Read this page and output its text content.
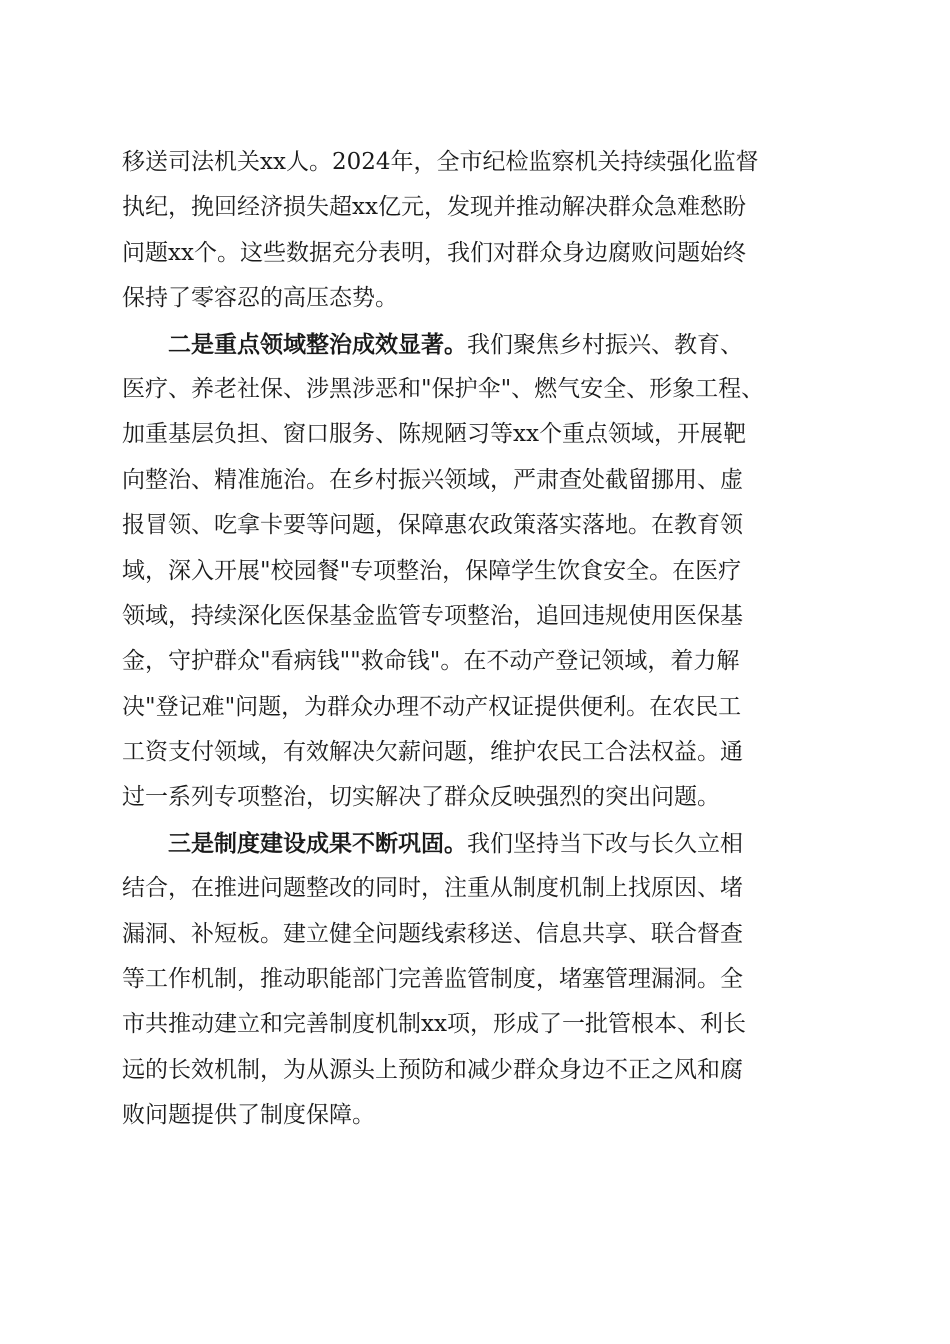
移送司法机关xx人。2024年，全市纪检监察机关持续强化监督
执纪，挽回经济损失超xx亿元，发现并推动解决群众急难愁盼
问题xx个。这些数据充分表明，我们对群众身边腐败问题始终
保持了零容忍的高压态势。
二是重点领域整治成效显著。我们聚焦乡村振兴、教育、
医疗、养老社保、涉黑涉恶和"保护伞"、燃气安全、形象工程、
加重基层负担、窗口服务、陈规陋习等xx个重点领域，开展靶
向整治、精准施治。在乡村振兴领域，严肃查处截留挪用、虚
报冒领、吃拿卡要等问题，保障惠农政策落实落地。在教育领
域，深入开展"校园餐"专项整治，保障学生饮食安全。在医疗
领域，持续深化医保基金监管专项整治，追回违规使用医保基
金，守护群众"看病钱""救命钱"。在不动产登记领域，着力解
决"登记难"问题，为群众办理不动产权证提供便利。在农民工
工资支付领域，有效解决欠薪问题，维护农民工合法权益。通
过一系列专项整治，切实解决了群众反映强烈的突出问题。
三是制度建设成果不断巩固。我们坚持当下改与长久立相
结合，在推进问题整改的同时，注重从制度机制上找原因、堵
漏洞、补短板。建立健全问题线索移送、信息共享、联合督查
等工作机制，推动职能部门完善监管制度，堵塞管理漏洞。全
市共推动建立和完善制度机制xx项，形成了一批管根本、利长
远的长效机制，为从源头上预防和减少群众身边不正之风和腐
败问题提供了制度保障。
